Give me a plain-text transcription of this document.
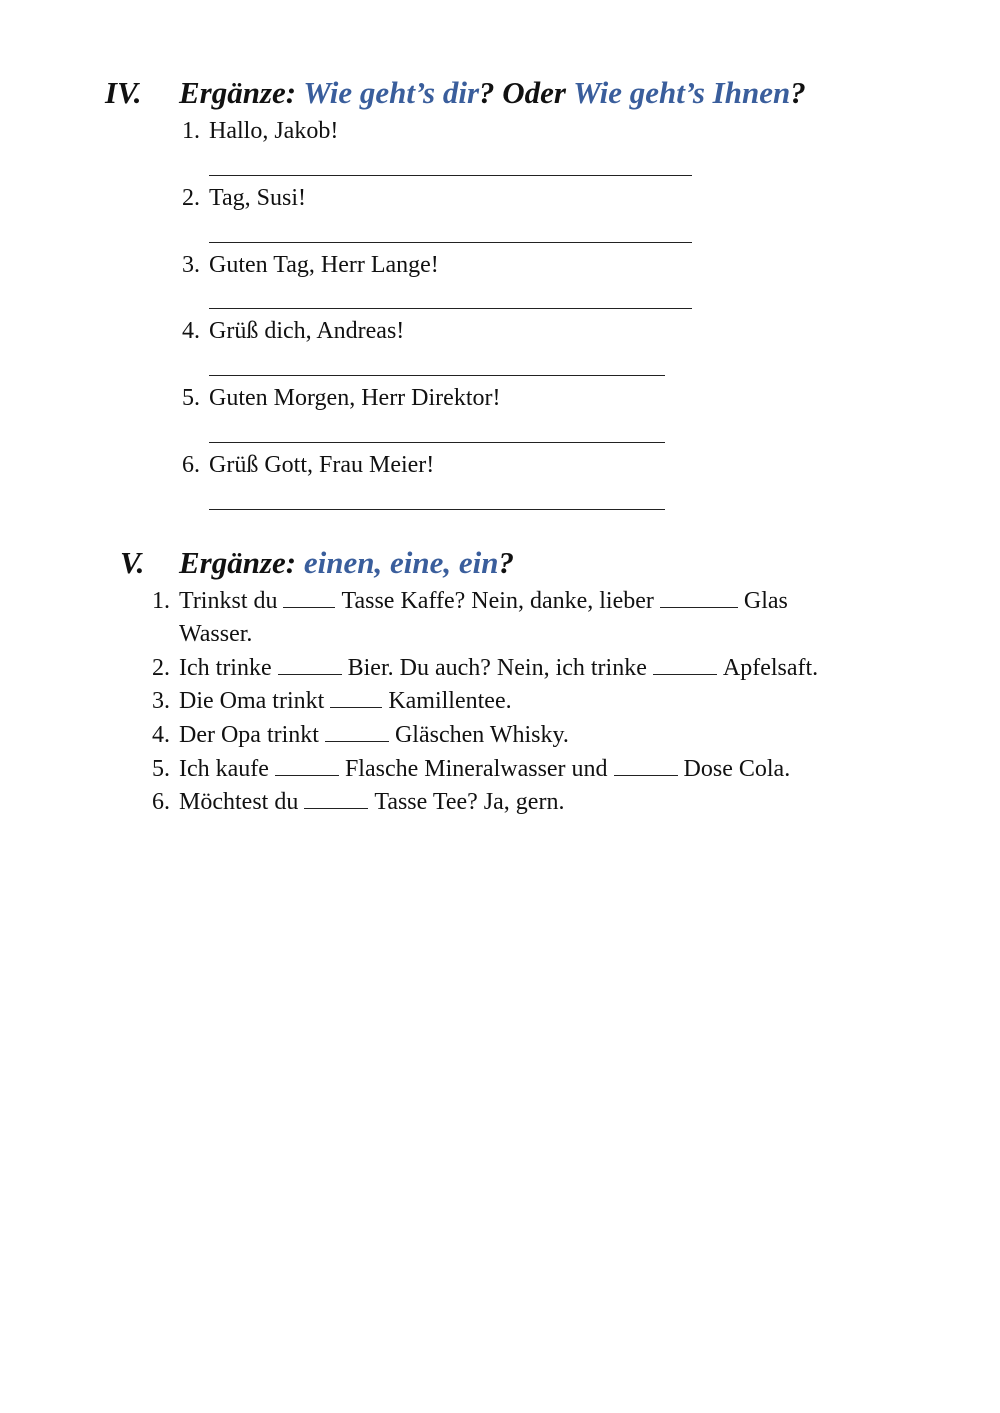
IV. Ergänze: Wie geht’s dir? Oder Wie geht’s Ihnen?
1. Hallo, Jakob!
2. Tag, Susi!
3. Guten Tag, Herr Lange!
4. Grüß dich, Andreas!
5. Guten Morgen, Herr Direktor!
6. Grüß Gott, Frau Meier!
V. Ergänze: einen, eine, ein?
1. Trinkst du	Tasse Kaffe? Nein, danke, lieber	Glas
Wasser.
2. Ich trinke	Bier. Du auch? Nein, ich trinke	Apfelsaft.
3. Die Oma trinkt	Kamillentee.
4. Der Opa trinkt	Gläschen Whisky.
5. Ich kaufe	Flasche Mineralwasser und	Dose Cola.
6. Möchtest du	Tasse Tee? Ja, gern.
